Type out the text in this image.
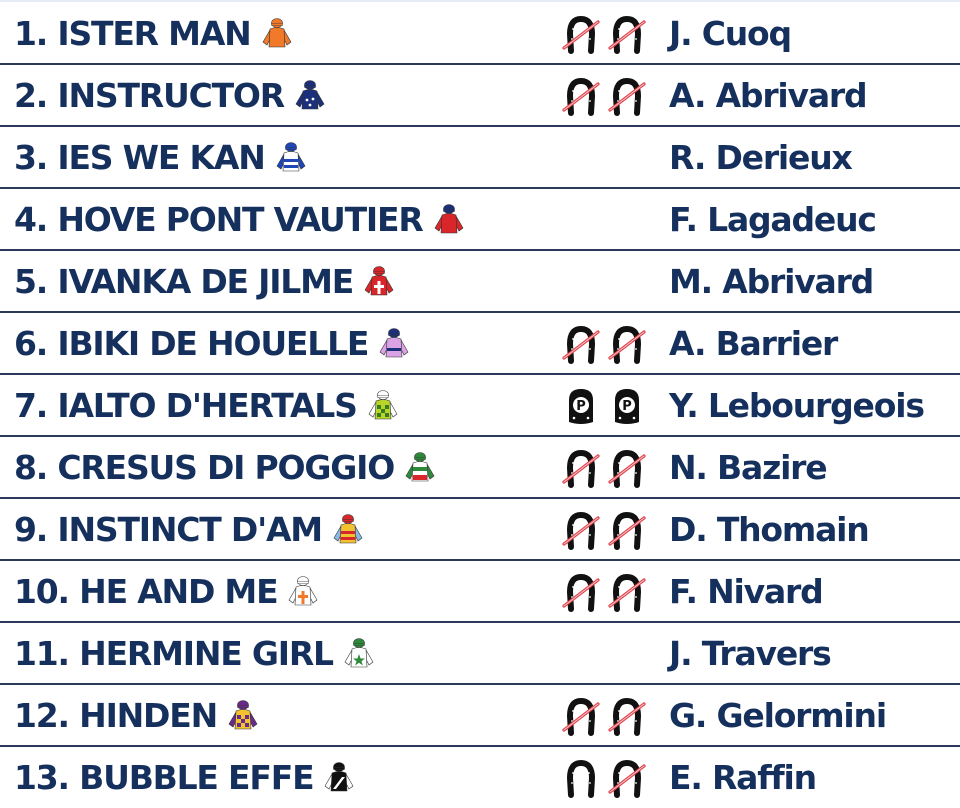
1. ISTER MAN	J. Cuoq
2. INSTRUCTOR	A. Abrivard
3. IES WE KAN	R. Derieux
4. HOVE PONT VAUTIER	F. Lagadeuc
5. IVANKA DE JILME	M. Abrivard
6. IBIKI DE HOUELLE	A. Barrier
7. IALTO D'HERTALS	P	P Y. Lebourgeois
8. CRESUS DI POGGIO	N. Bazire
9. INSTINCT D'AM	D. Thomain
10. HE AND ME	F. Nivard
11. HERMINE GIRL	J. Travers
12. HINDEN	G. Gelormini
13. BUBBLE EFFE	E. Raffin
